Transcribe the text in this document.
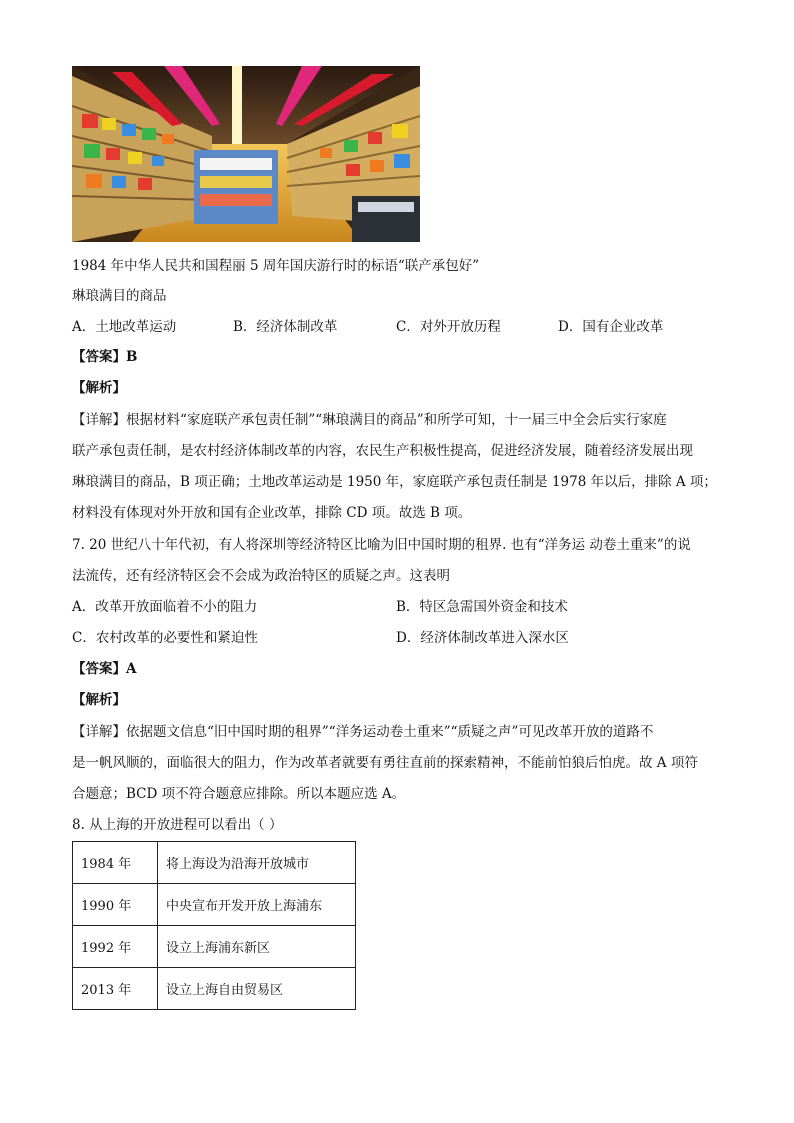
1984 年中华人民共和国程丽 5 周年国庆游行时的标语“联产承包好”
琳琅满目的商品
A．土地改革运动	B．经济体制改革	C．对外开放历程	D．国有企业改革
【答案】B
【解析】
【详解】根据材料“家庭联产承包责任制”“琳琅满目的商品”和所学可知，十一届三中全会后实行家庭
联产承包责任制，是农村经济体制改革的内容，农民生产积极性提高，促进经济发展，随着经济发展出现
琳琅满目的商品，B 项正确；土地改革运动是 1950 年，家庭联产承包责任制是 1978 年以后，排除 A 项；
材料没有体现对外开放和国有企业改革，排除 CD 项。故选 B 项。
7. 20 世纪八十年代初，有人将深圳等经济特区比喻为旧中国时期的租界. 也有“洋务运 动卷土重来”的说
法流传，还有经济特区会不会成为政治特区的质疑之声。这表明
A．改革开放面临着不小的阻力	B．特区急需国外资金和技术
C．农村改革的必要性和紧迫性	D．经济体制改革进入深水区
【答案】A
【解析】
【详解】依据题文信息“旧中国时期的租界”“洋务运动卷土重来”“质疑之声”可见改革开放的道路不
是一帆风顺的，面临很大的阻力，作为改革者就要有勇往直前的探索精神，不能前怕狼后怕虎。故 A 项符
合题意；BCD 项不符合题意应排除。所以本题应选 A。
8. 从上海的开放进程可以看出（ ）
1984 年	将上海设为沿海开放城市
1990 年	中央宣布开发开放上海浦东
1992 年	设立上海浦东新区
2013 年	设立上海自由贸易区
